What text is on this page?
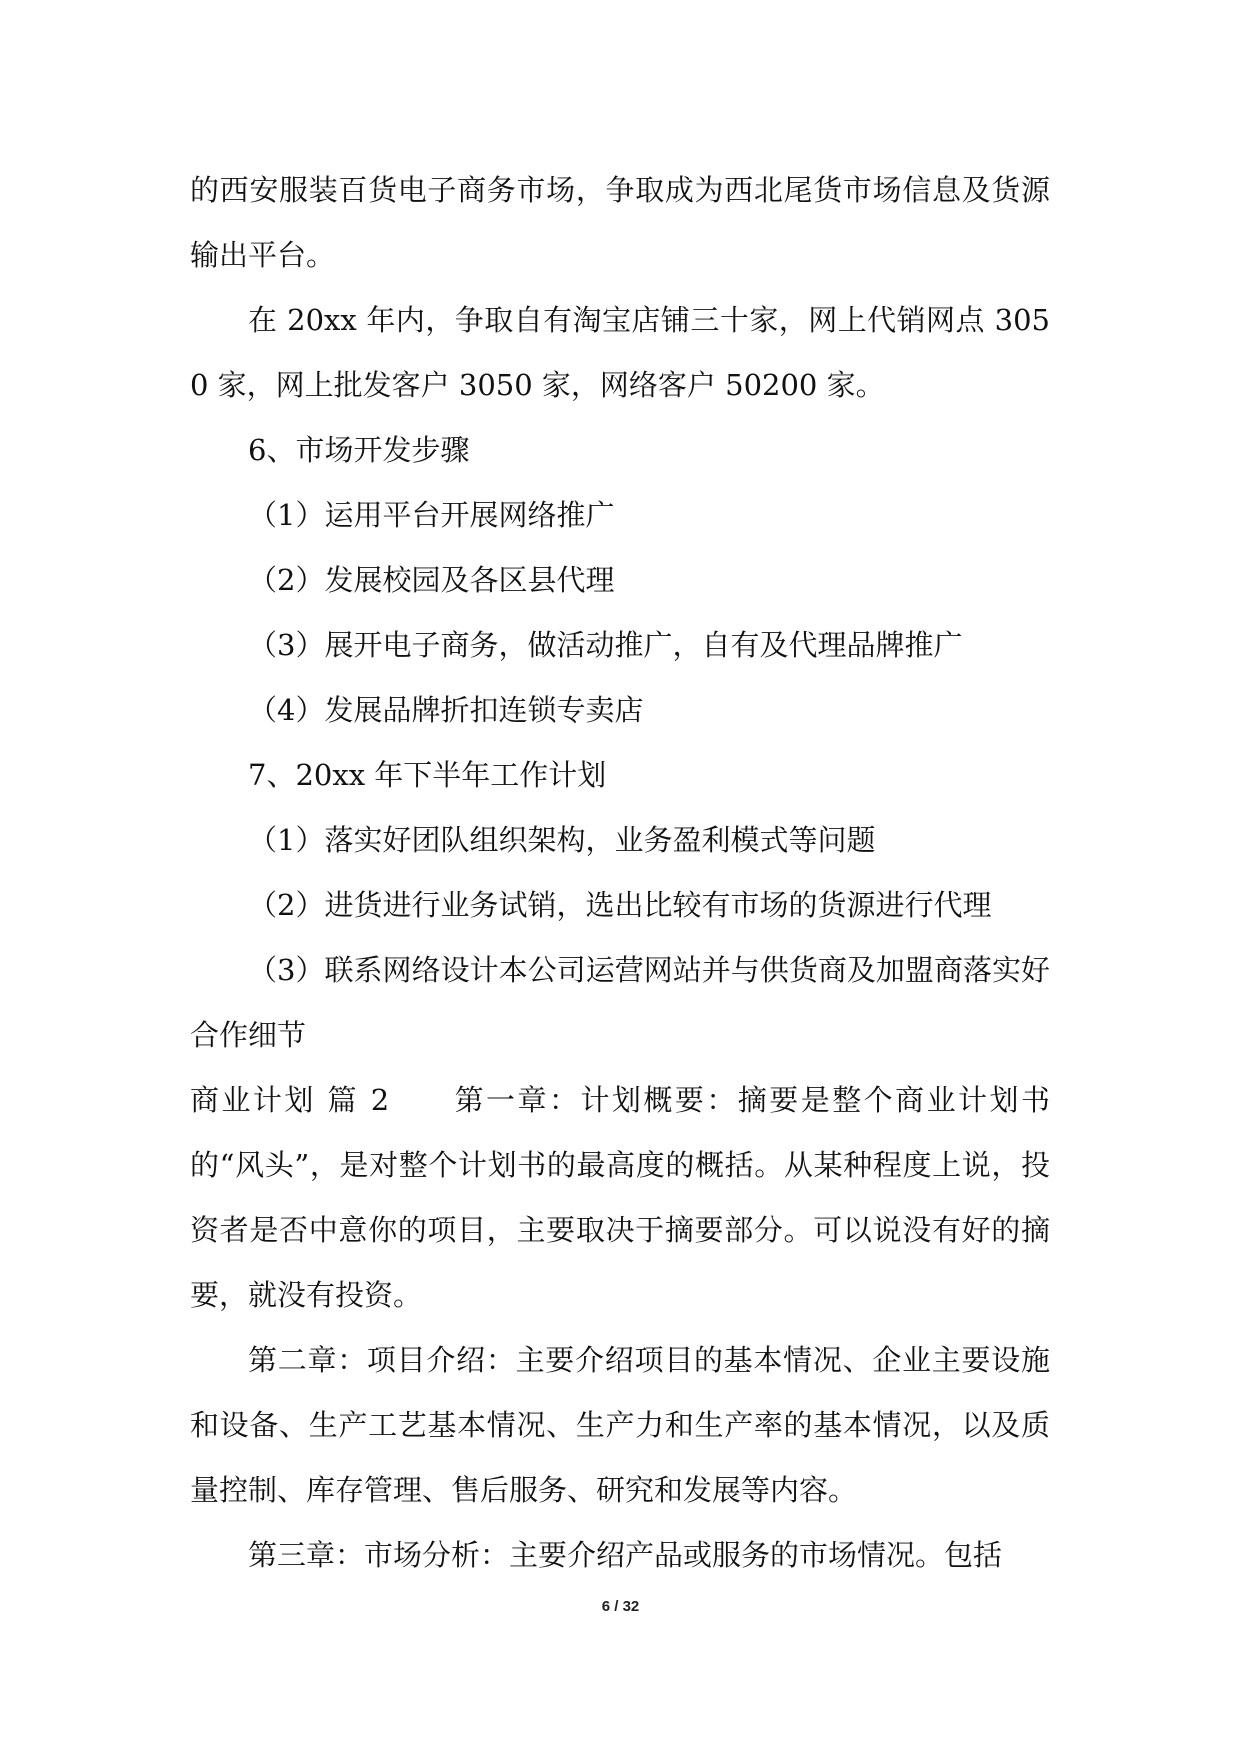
的西安服装百货电子商务市场，争取成为西北尾货市场信息及货源输出平台。

在 20xx 年内，争取自有淘宝店铺三十家，网上代销网点 3050 家，网上批发客户 3050 家，网络客户 50200 家。

6、市场开发步骤

（1）运用平台开展网络推广

（2）发展校园及各区县代理

（3）展开电子商务，做活动推广，自有及代理品牌推广

（4）发展品牌折扣连锁专卖店

7、20xx 年下半年工作计划

（1）落实好团队组织架构，业务盈利模式等问题

（2）进货进行业务试销，选出比较有市场的货源进行代理

（3）联系网络设计本公司运营网站并与供货商及加盟商落实好合作细节

商业计划 篇 2　　第一章：计划概要：摘要是整个商业计划书的“风头”，是对整个计划书的最高度的概括。从某种程度上说，投资者是否中意你的项目，主要取决于摘要部分。可以说没有好的摘要，就没有投资。

第二章：项目介绍：主要介绍项目的基本情况、企业主要设施和设备、生产工艺基本情况、生产力和生产率的基本情况，以及质量控制、库存管理、售后服务、研究和发展等内容。

第三章：市场分析：主要介绍产品或服务的市场情况。包括

6 / 32
